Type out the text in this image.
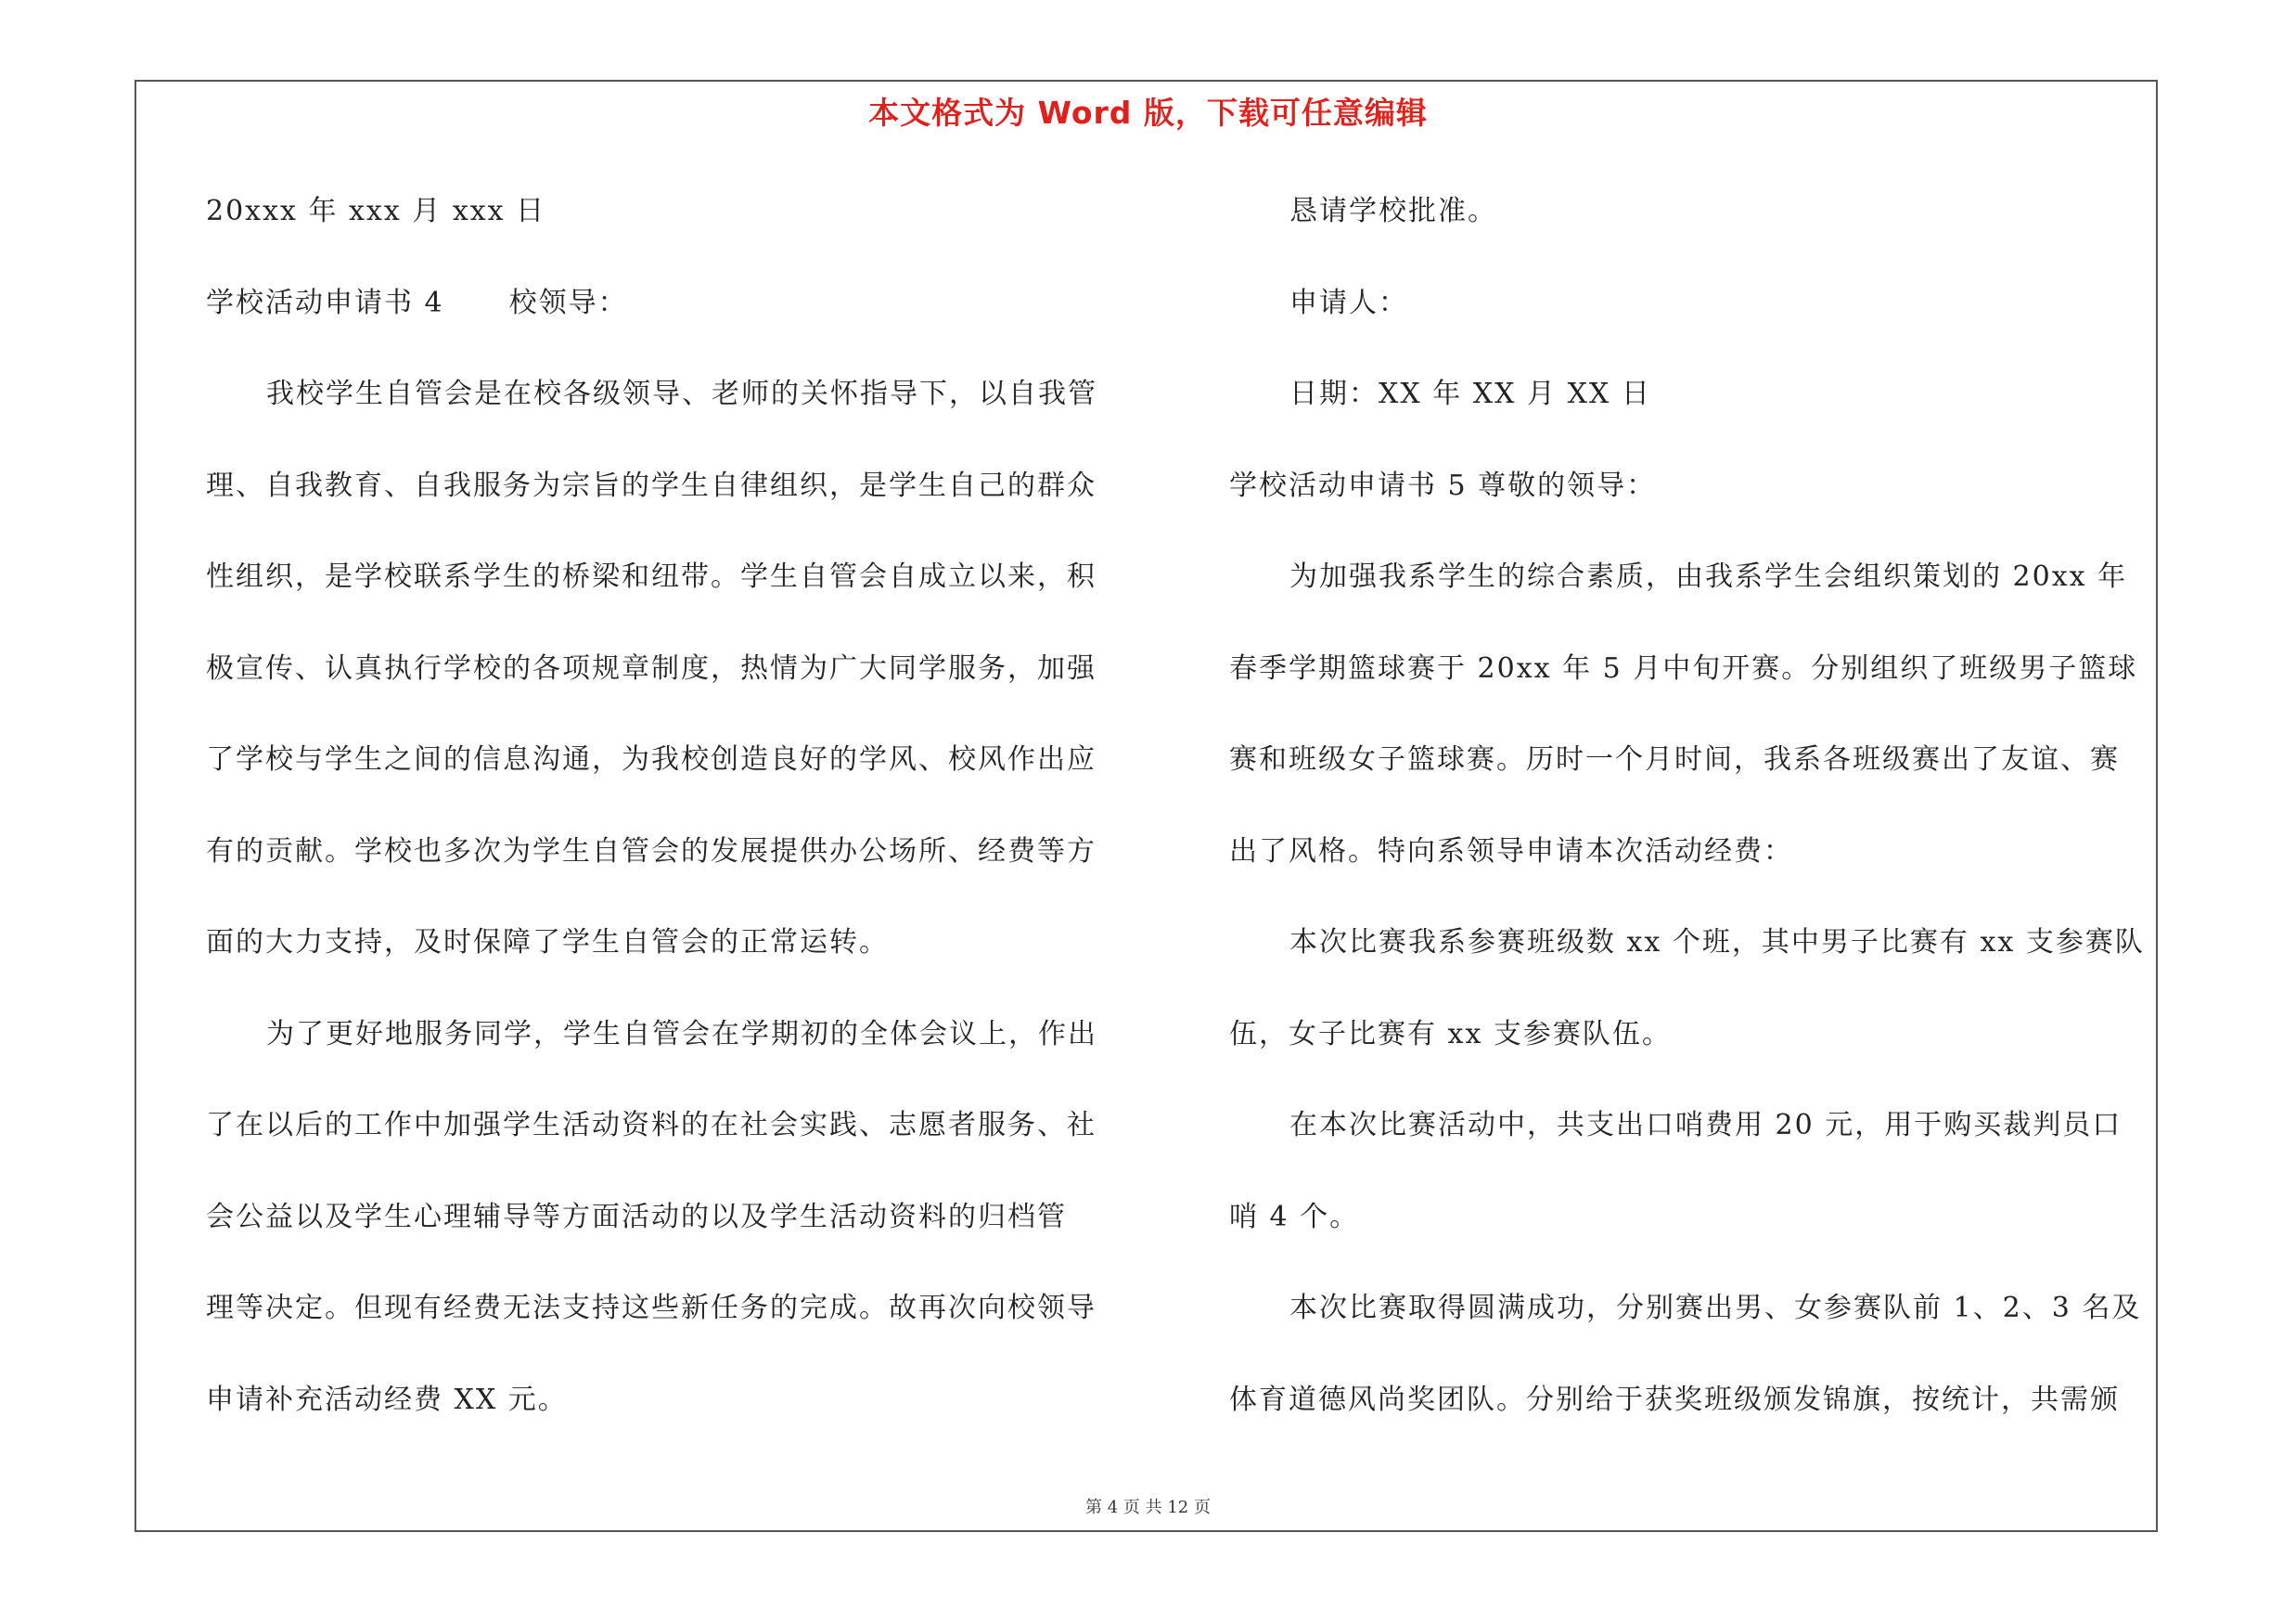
本文格式为 Word 版，下载可任意编辑
20xxx 年 xxx 月 xxx 日
学校活动申请书 4 校领导：
我校学生自管会是在校各级领导、老师的关怀指导下，以自我管
理、自我教育、自我服务为宗旨的学生自律组织，是学生自己的群众
性组织，是学校联系学生的桥梁和纽带。学生自管会自成立以来，积
极宣传、认真执行学校的各项规章制度，热情为广大同学服务，加强
了学校与学生之间的信息沟通，为我校创造良好的学风、校风作出应
有的贡献。学校也多次为学生自管会的发展提供办公场所、经费等方
面的大力支持，及时保障了学生自管会的正常运转。
为了更好地服务同学，学生自管会在学期初的全体会议上，作出
了在以后的工作中加强学生活动资料的在社会实践、志愿者服务、社
会公益以及学生心理辅导等方面活动的以及学生活动资料的归档管
理等决定。但现有经费无法支持这些新任务的完成。故再次向校领导
申请补充活动经费 XX 元。
恳请学校批准。
申请人：
日期：XX 年 XX 月 XX 日
学校活动申请书 5 尊敬的领导：
为加强我系学生的综合素质，由我系学生会组织策划的 20xx 年
春季学期篮球赛于 20xx 年 5 月中旬开赛。分别组织了班级男子篮球
赛和班级女子篮球赛。历时一个月时间，我系各班级赛出了友谊、赛
出了风格。特向系领导申请本次活动经费：
本次比赛我系参赛班级数 xx 个班，其中男子比赛有 xx 支参赛队
伍，女子比赛有 xx 支参赛队伍。
在本次比赛活动中，共支出口哨费用 20 元，用于购买裁判员口
哨 4 个。
本次比赛取得圆满成功，分别赛出男、女参赛队前 1、2、3 名及
体育道德风尚奖团队。分别给于获奖班级颁发锦旗，按统计，共需颁
第 4 页 共 12 页
